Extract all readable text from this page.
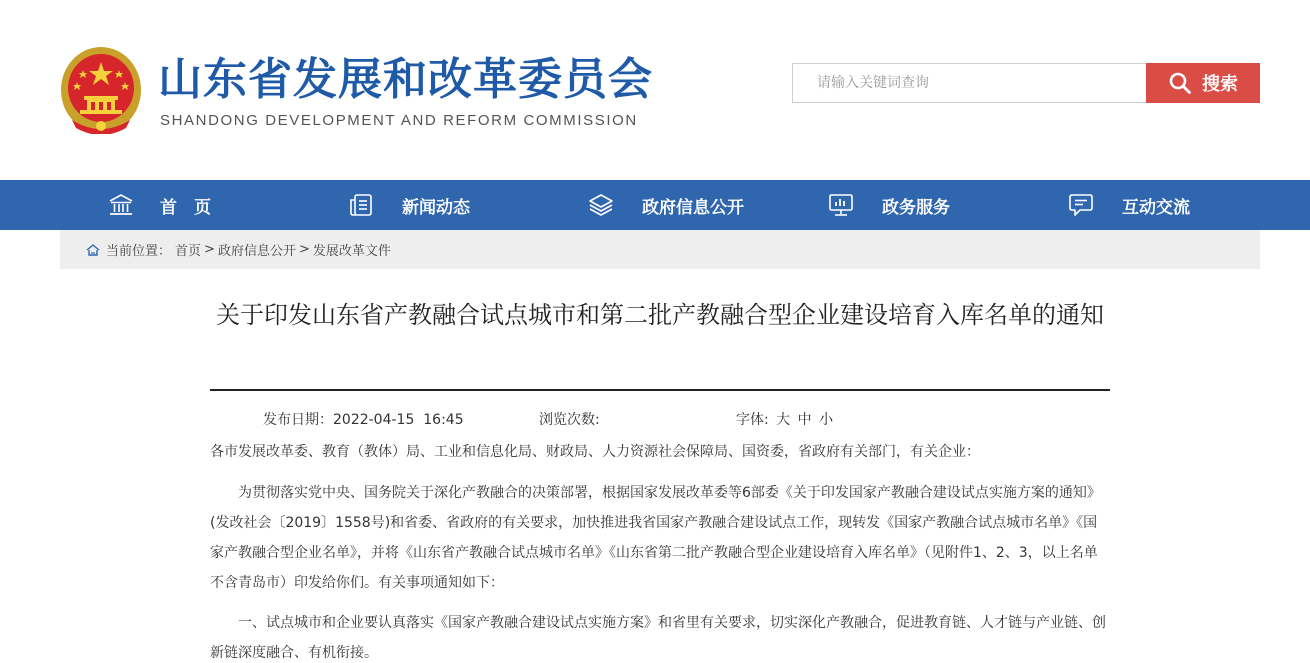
山东省发展和改革委员会
SHANDONG DEVELOPMENT AND REFORM COMMISSION
请输入关键词查询
搜索
首　页	新闻动态	政府信息公开	政务服务	互动交流
当前位置： 首页 > 政府信息公开 > 发展改革文件
关于印发山东省产教融合试点城市和第二批产教融合型企业建设培育入库名单的通知
发布日期：2022-04-15  16:45	浏览次数:	字体: 大 中 小
各市发展改革委、教育（教体）局、工业和信息化局、财政局、人力资源社会保障局、国资委，省政府有关部门，有关企业：
为贯彻落实党中央、国务院关于深化产教融合的决策部署，根据国家发展改革委等6部委《关于印发国家产教融合建设试点实施方案的通知》(发改社会〔2019〕1558号)和省委、省政府的有关要求，加快推进我省国家产教融合建设试点工作，现转发《国家产教融合试点城市名单》《国家产教融合型企业名单》，并将《山东省产教融合试点城市名单》《山东省第二批产教融合型企业建设培育入库名单》（见附件1、2、3，以上名单不含青岛市）印发给你们。有关事项通知如下：
一、试点城市和企业要认真落实《国家产教融合建设试点实施方案》和省里有关要求，切实深化产教融合，促进教育链、人才链与产业链、创新链深度融合、有机衔接。
